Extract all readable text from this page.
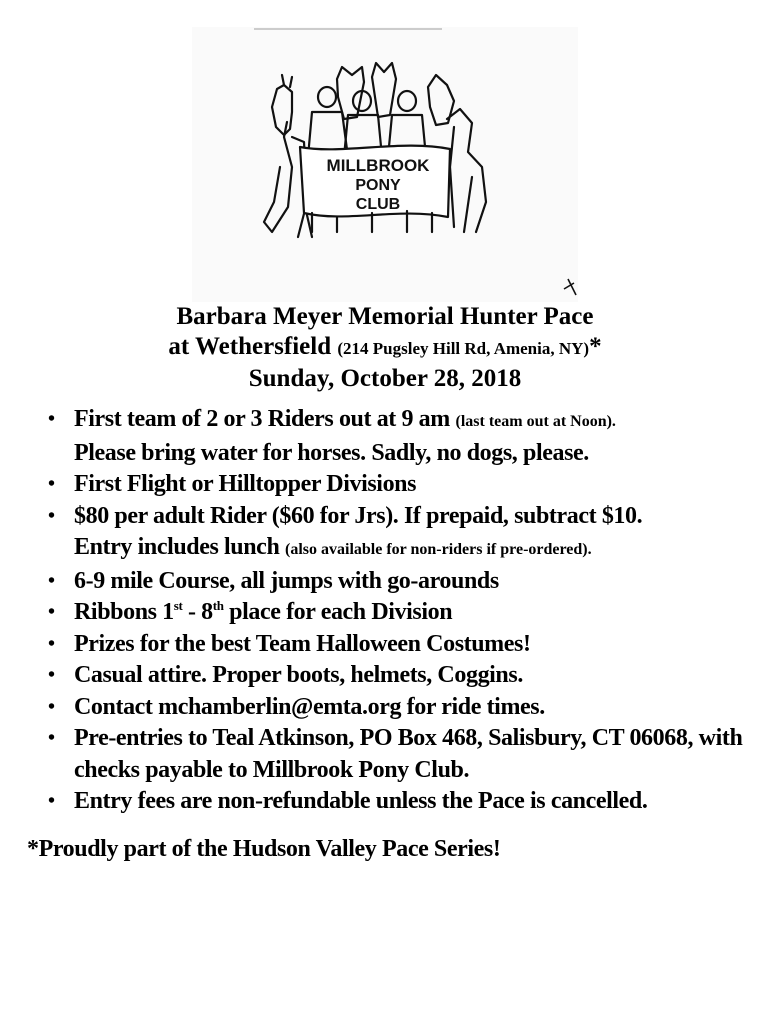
MILLBROOK
PONY
CLUB
Barbara Meyer Memorial Hunter Pace
at Wethersfield (214 Pugsley Hill Rd, Amenia, NY)*
Sunday, October 28, 2018
• First team of 2 or 3 Riders out at 9 am (last team out at Noon).
Please bring water for horses. Sadly, no dogs, please.
• First Flight or Hilltopper Divisions
• $80 per adult Rider ($60 for Jrs). If prepaid, subtract $10.
Entry includes lunch (also available for non-riders if pre-ordered).
• 6-9 mile Course, all jumps with go-arounds
• Ribbons 1st - 8th place for each Division
• Prizes for the best Team Halloween Costumes!
• Casual attire. Proper boots, helmets, Coggins.
• Contact mchamberlin@emta.org for ride times.
• Pre-entries to Teal Atkinson, PO Box 468, Salisbury, CT 06068, with checks payable to Millbrook Pony Club.
• Entry fees are non-refundable unless the Pace is cancelled.
*Proudly part of the Hudson Valley Pace Series!
